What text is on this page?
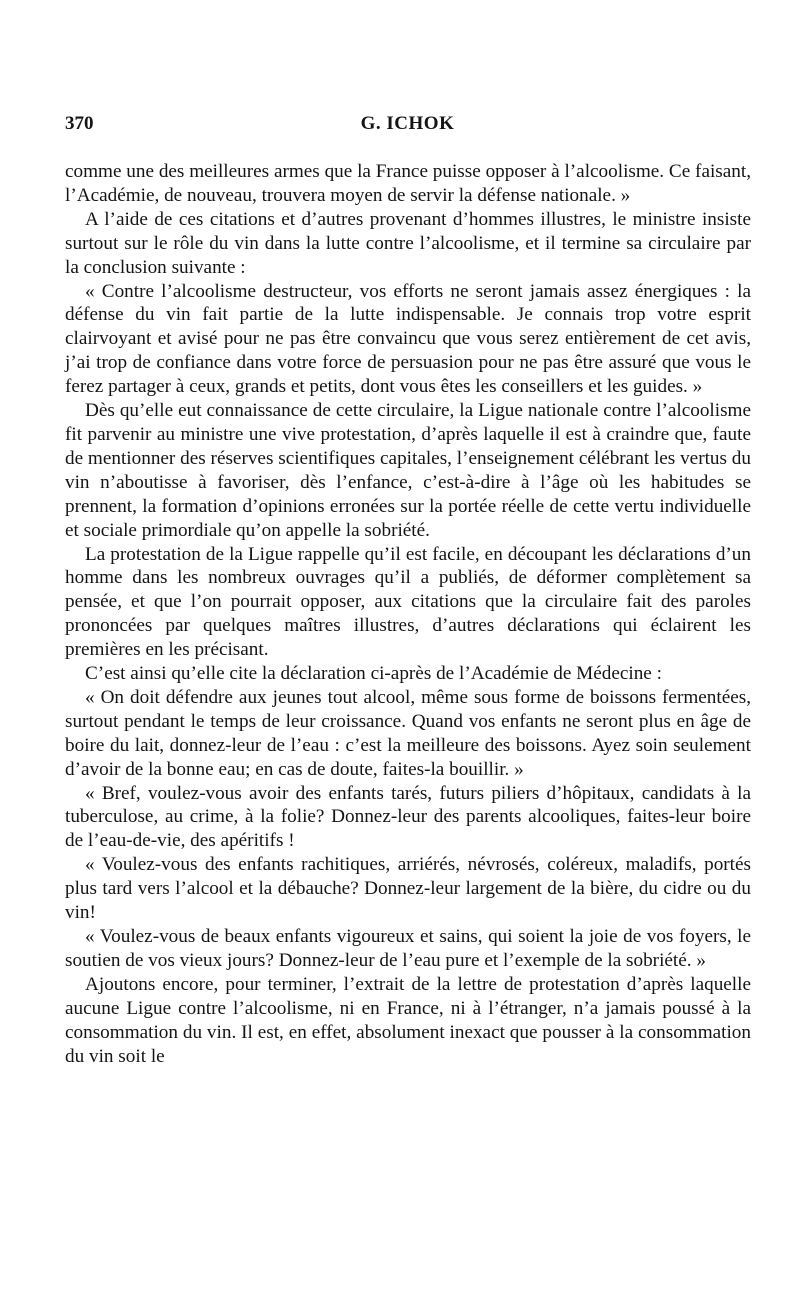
370	G. ICHOK

comme une des meilleures armes que la France puisse opposer à l’alcoolisme. Ce faisant, l’Académie, de nouveau, trouvera moyen de servir la défense nationale. »

A l’aide de ces citations et d’autres provenant d’hommes illustres, le ministre insiste surtout sur le rôle du vin dans la lutte contre l’alcoolisme, et il termine sa circulaire par la conclusion suivante :

« Contre l’alcoolisme destructeur, vos efforts ne seront jamais assez énergiques : la défense du vin fait partie de la lutte indispensable. Je connais trop votre esprit clairvoyant et avisé pour ne pas être convaincu que vous serez entièrement de cet avis, j’ai trop de confiance dans votre force de persuasion pour ne pas être assuré que vous le ferez partager à ceux, grands et petits, dont vous êtes les conseillers et les guides. »

Dès qu’elle eut connaissance de cette circulaire, la Ligue nationale contre l’alcoolisme fit parvenir au ministre une vive protestation, d’après laquelle il est à craindre que, faute de mentionner des réserves scientifiques capitales, l’enseignement célébrant les vertus du vin n’aboutisse à favoriser, dès l’enfance, c’est-à-dire à l’âge où les habitudes se prennent, la formation d’opinions erronées sur la portée réelle de cette vertu individuelle et sociale primordiale qu’on appelle la sobriété.

La protestation de la Ligue rappelle qu’il est facile, en découpant les déclarations d’un homme dans les nombreux ouvrages qu’il a publiés, de déformer complètement sa pensée, et que l’on pourrait opposer, aux citations que la circulaire fait des paroles prononcées par quelques maîtres illustres, d’autres déclarations qui éclairent les premières en les précisant.

C’est ainsi qu’elle cite la déclaration ci-après de l’Académie de Médecine :

« On doit défendre aux jeunes tout alcool, même sous forme de boissons fermentées, surtout pendant le temps de leur croissance. Quand vos enfants ne seront plus en âge de boire du lait, donnez-leur de l’eau : c’est la meilleure des boissons. Ayez soin seulement d’avoir de la bonne eau; en cas de doute, faites-la bouillir. »

« Bref, voulez-vous avoir des enfants tarés, futurs piliers d’hôpitaux, candidats à la tuberculose, au crime, à la folie? Donnez-leur des parents alcooliques, faites-leur boire de l’eau-de-vie, des apéritifs !

« Voulez-vous des enfants rachitiques, arriérés, névrosés, coléreux, maladifs, portés plus tard vers l’alcool et la débauche? Donnez-leur largement de la bière, du cidre ou du vin!

« Voulez-vous de beaux enfants vigoureux et sains, qui soient la joie de vos foyers, le soutien de vos vieux jours? Donnez-leur de l’eau pure et l’exemple de la sobriété. »

Ajoutons encore, pour terminer, l’extrait de la lettre de protestation d’après laquelle aucune Ligue contre l’alcoolisme, ni en France, ni à l’étranger, n’a jamais poussé à la consommation du vin. Il est, en effet, absolument inexact que pousser à la consommation du vin soit le
